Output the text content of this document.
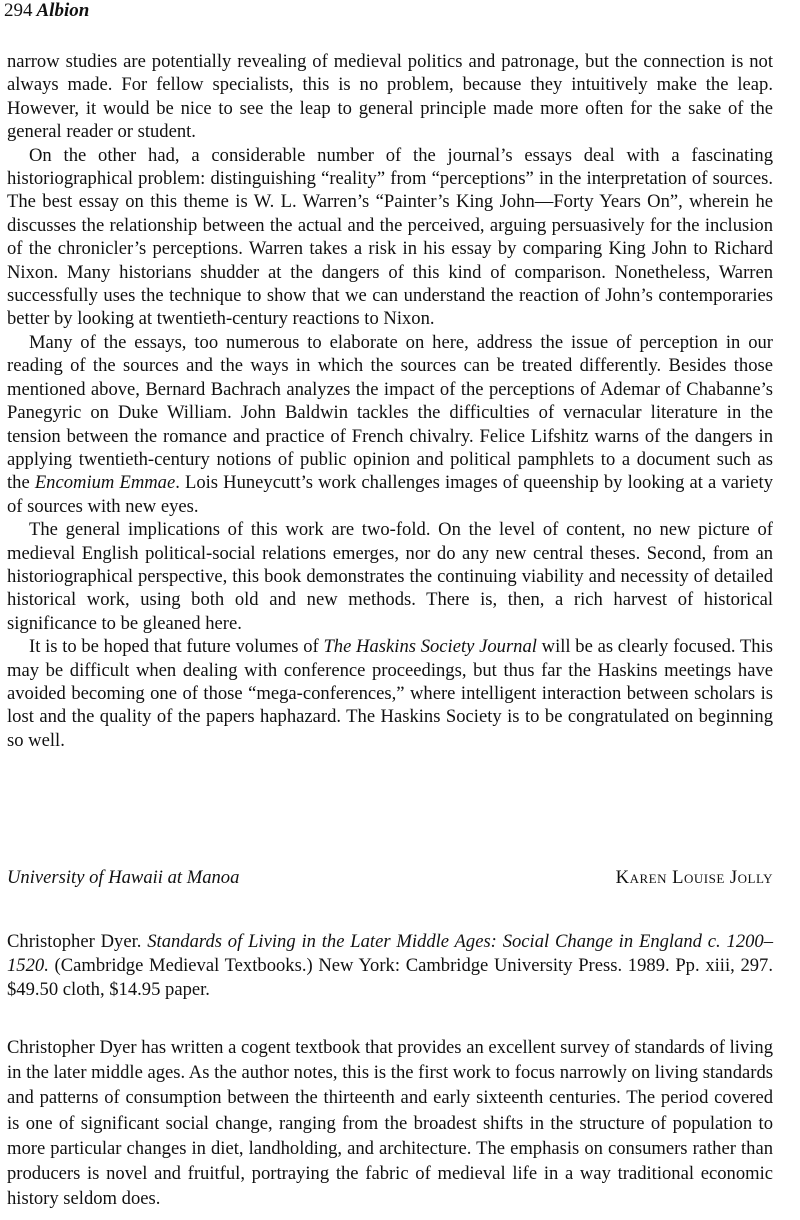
294 Albion

narrow studies are potentially revealing of medieval politics and patronage, but the connection is not always made. For fellow specialists, this is no problem, because they intuitively make the leap. However, it would be nice to see the leap to general principle made more often for the sake of the general reader or student.

On the other had, a considerable number of the journal’s essays deal with a fascinating historiographical problem: distinguishing “reality” from “perceptions” in the interpretation of sources. The best essay on this theme is W. L. Warren’s “Painter’s King John—Forty Years On”, wherein he discusses the relationship between the actual and the perceived, arguing persuasively for the inclusion of the chronicler’s perceptions. Warren takes a risk in his essay by comparing King John to Richard Nixon. Many historians shudder at the dangers of this kind of comparison. Nonetheless, Warren successfully uses the technique to show that we can understand the reaction of John’s contemporaries better by looking at twentieth-century reactions to Nixon.

Many of the essays, too numerous to elaborate on here, address the issue of perception in our reading of the sources and the ways in which the sources can be treated differently. Besides those mentioned above, Bernard Bachrach analyzes the impact of the perceptions of Ademar of Chabanne’s Panegyric on Duke William. John Baldwin tackles the difficulties of vernacular literature in the tension between the romance and practice of French chivalry. Felice Lifshitz warns of the dangers in applying twentieth-century notions of public opinion and political pamphlets to a document such as the Encomium Emmae. Lois Huneycutt’s work challenges images of queenship by looking at a variety of sources with new eyes.

The general implications of this work are two-fold. On the level of content, no new picture of medieval English political-social relations emerges, nor do any new central theses. Second, from an historiographical perspective, this book demonstrates the continuing viability and necessity of detailed historical work, using both old and new methods. There is, then, a rich harvest of historical significance to be gleaned here.

It is to be hoped that future volumes of The Haskins Society Journal will be as clearly focused. This may be difficult when dealing with conference proceedings, but thus far the Haskins meetings have avoided becoming one of those “mega-conferences,” where intelligent interaction between scholars is lost and the quality of the papers haphazard. The Haskins Society is to be congratulated on beginning so well.

University of Hawaii at Manoa	Karen Louise Jolly

Christopher Dyer. Standards of Living in the Later Middle Ages: Social Change in England c. 1200–1520. (Cambridge Medieval Textbooks.) New York: Cambridge University Press. 1989. Pp. xiii, 297. $49.50 cloth, $14.95 paper.

Christopher Dyer has written a cogent textbook that provides an excellent survey of standards of living in the later middle ages. As the author notes, this is the first work to focus narrowly on living standards and patterns of consumption between the thirteenth and early sixteenth centuries. The period covered is one of significant social change, ranging from the broadest shifts in the structure of population to more particular changes in diet, landholding, and architecture. The emphasis on consumers rather than producers is novel and fruitful, portraying the fabric of medieval life in a way traditional economic history seldom does.
